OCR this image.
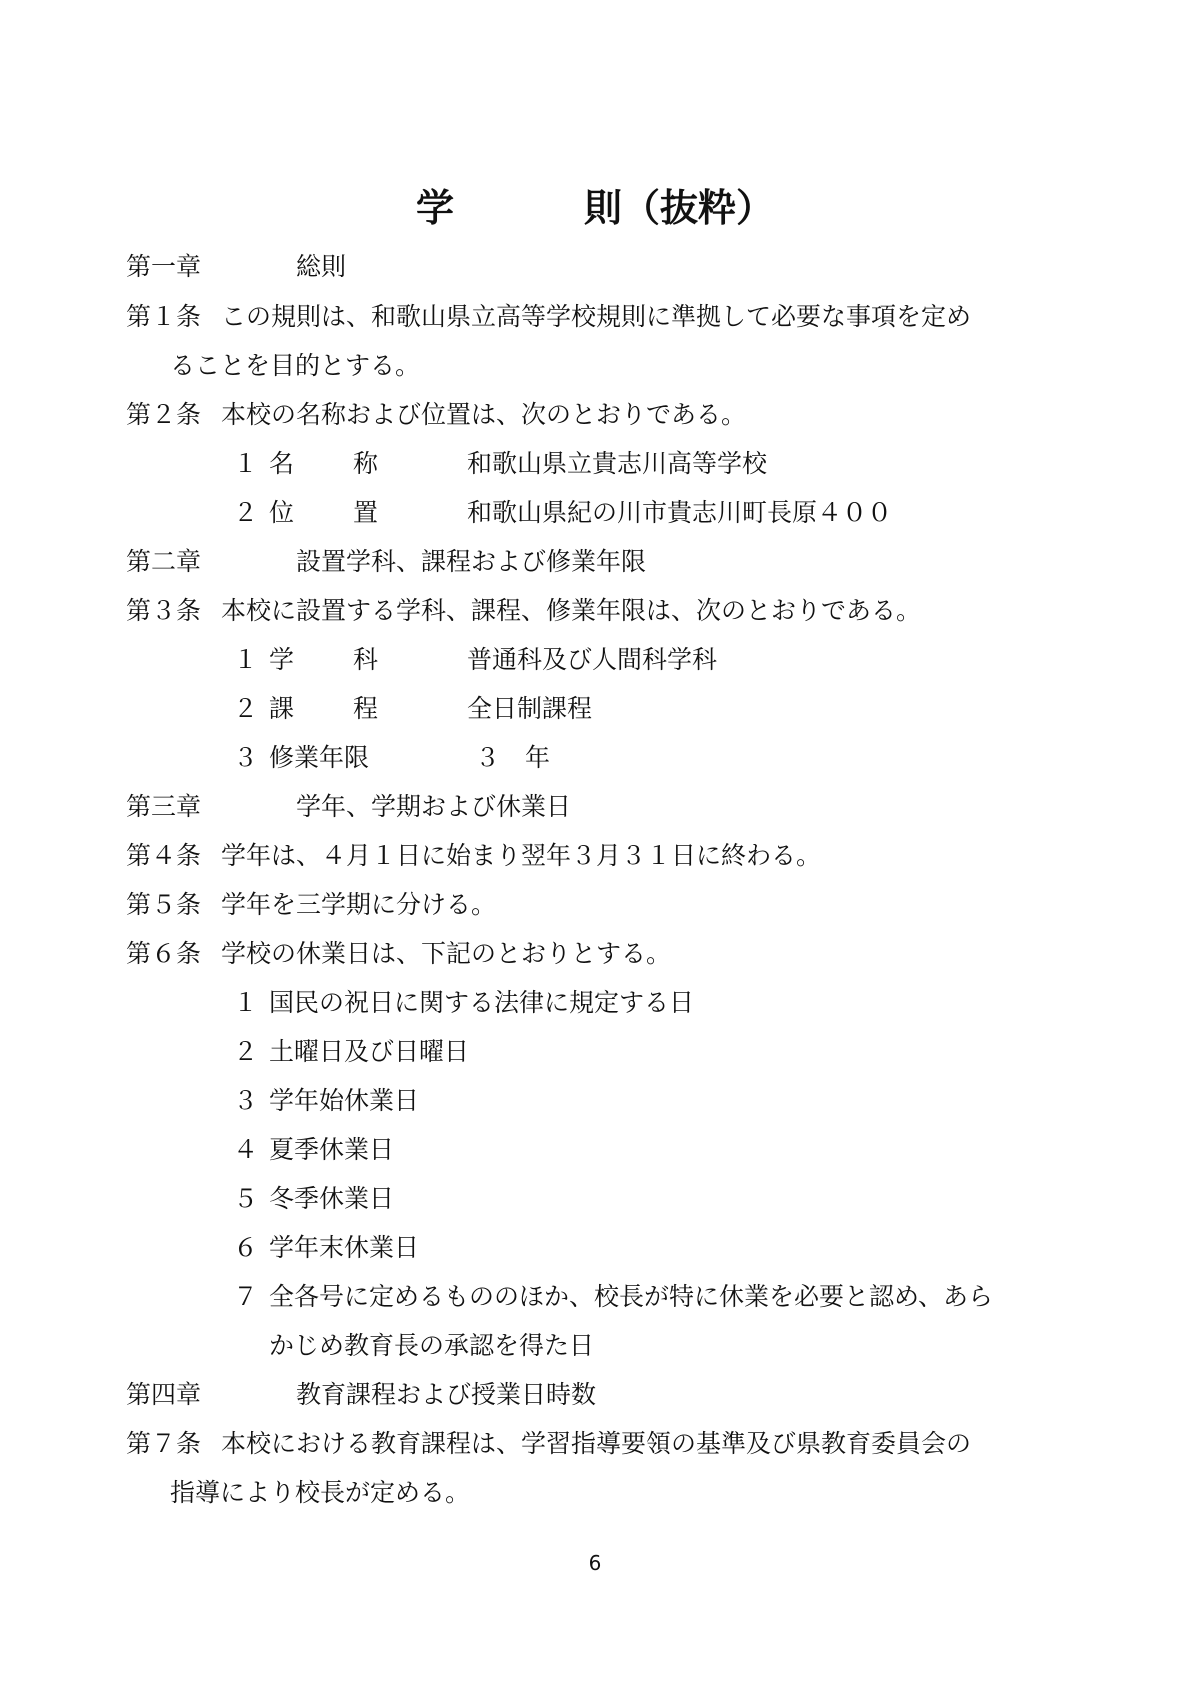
学	則（抜粋）
第一章	総則
第１条 この規則は、和歌山県立高等学校規則に準拠して必要な事項を定め
ることを目的とする。
第２条 本校の名称および位置は、次のとおりである。
１ 名 称	和歌山県立貴志川高等学校
２ 位 置	和歌山県紀の川市貴志川町長原４００
第二章	設置学科、課程および修業年限
第３条 本校に設置する学科、課程、修業年限は、次のとおりである。
１ 学 科	普通科及び人間科学科
２ 課 程	全日制課程
３ 修業年限	３　年
第三章	学年、学期および休業日
第４条 学年は、４月１日に始まり翌年３月３１日に終わる。
第５条 学年を三学期に分ける。
第６条 学校の休業日は、下記のとおりとする。
１ 国民の祝日に関する法律に規定する日
２ 土曜日及び日曜日
３ 学年始休業日
４ 夏季休業日
５ 冬季休業日
６ 学年末休業日
７ 全各号に定めるもののほか、校長が特に休業を必要と認め、あら
かじめ教育長の承認を得た日
第四章	教育課程および授業日時数
第７条 本校における教育課程は、学習指導要領の基準及び県教育委員会の
指導により校長が定める。
6
